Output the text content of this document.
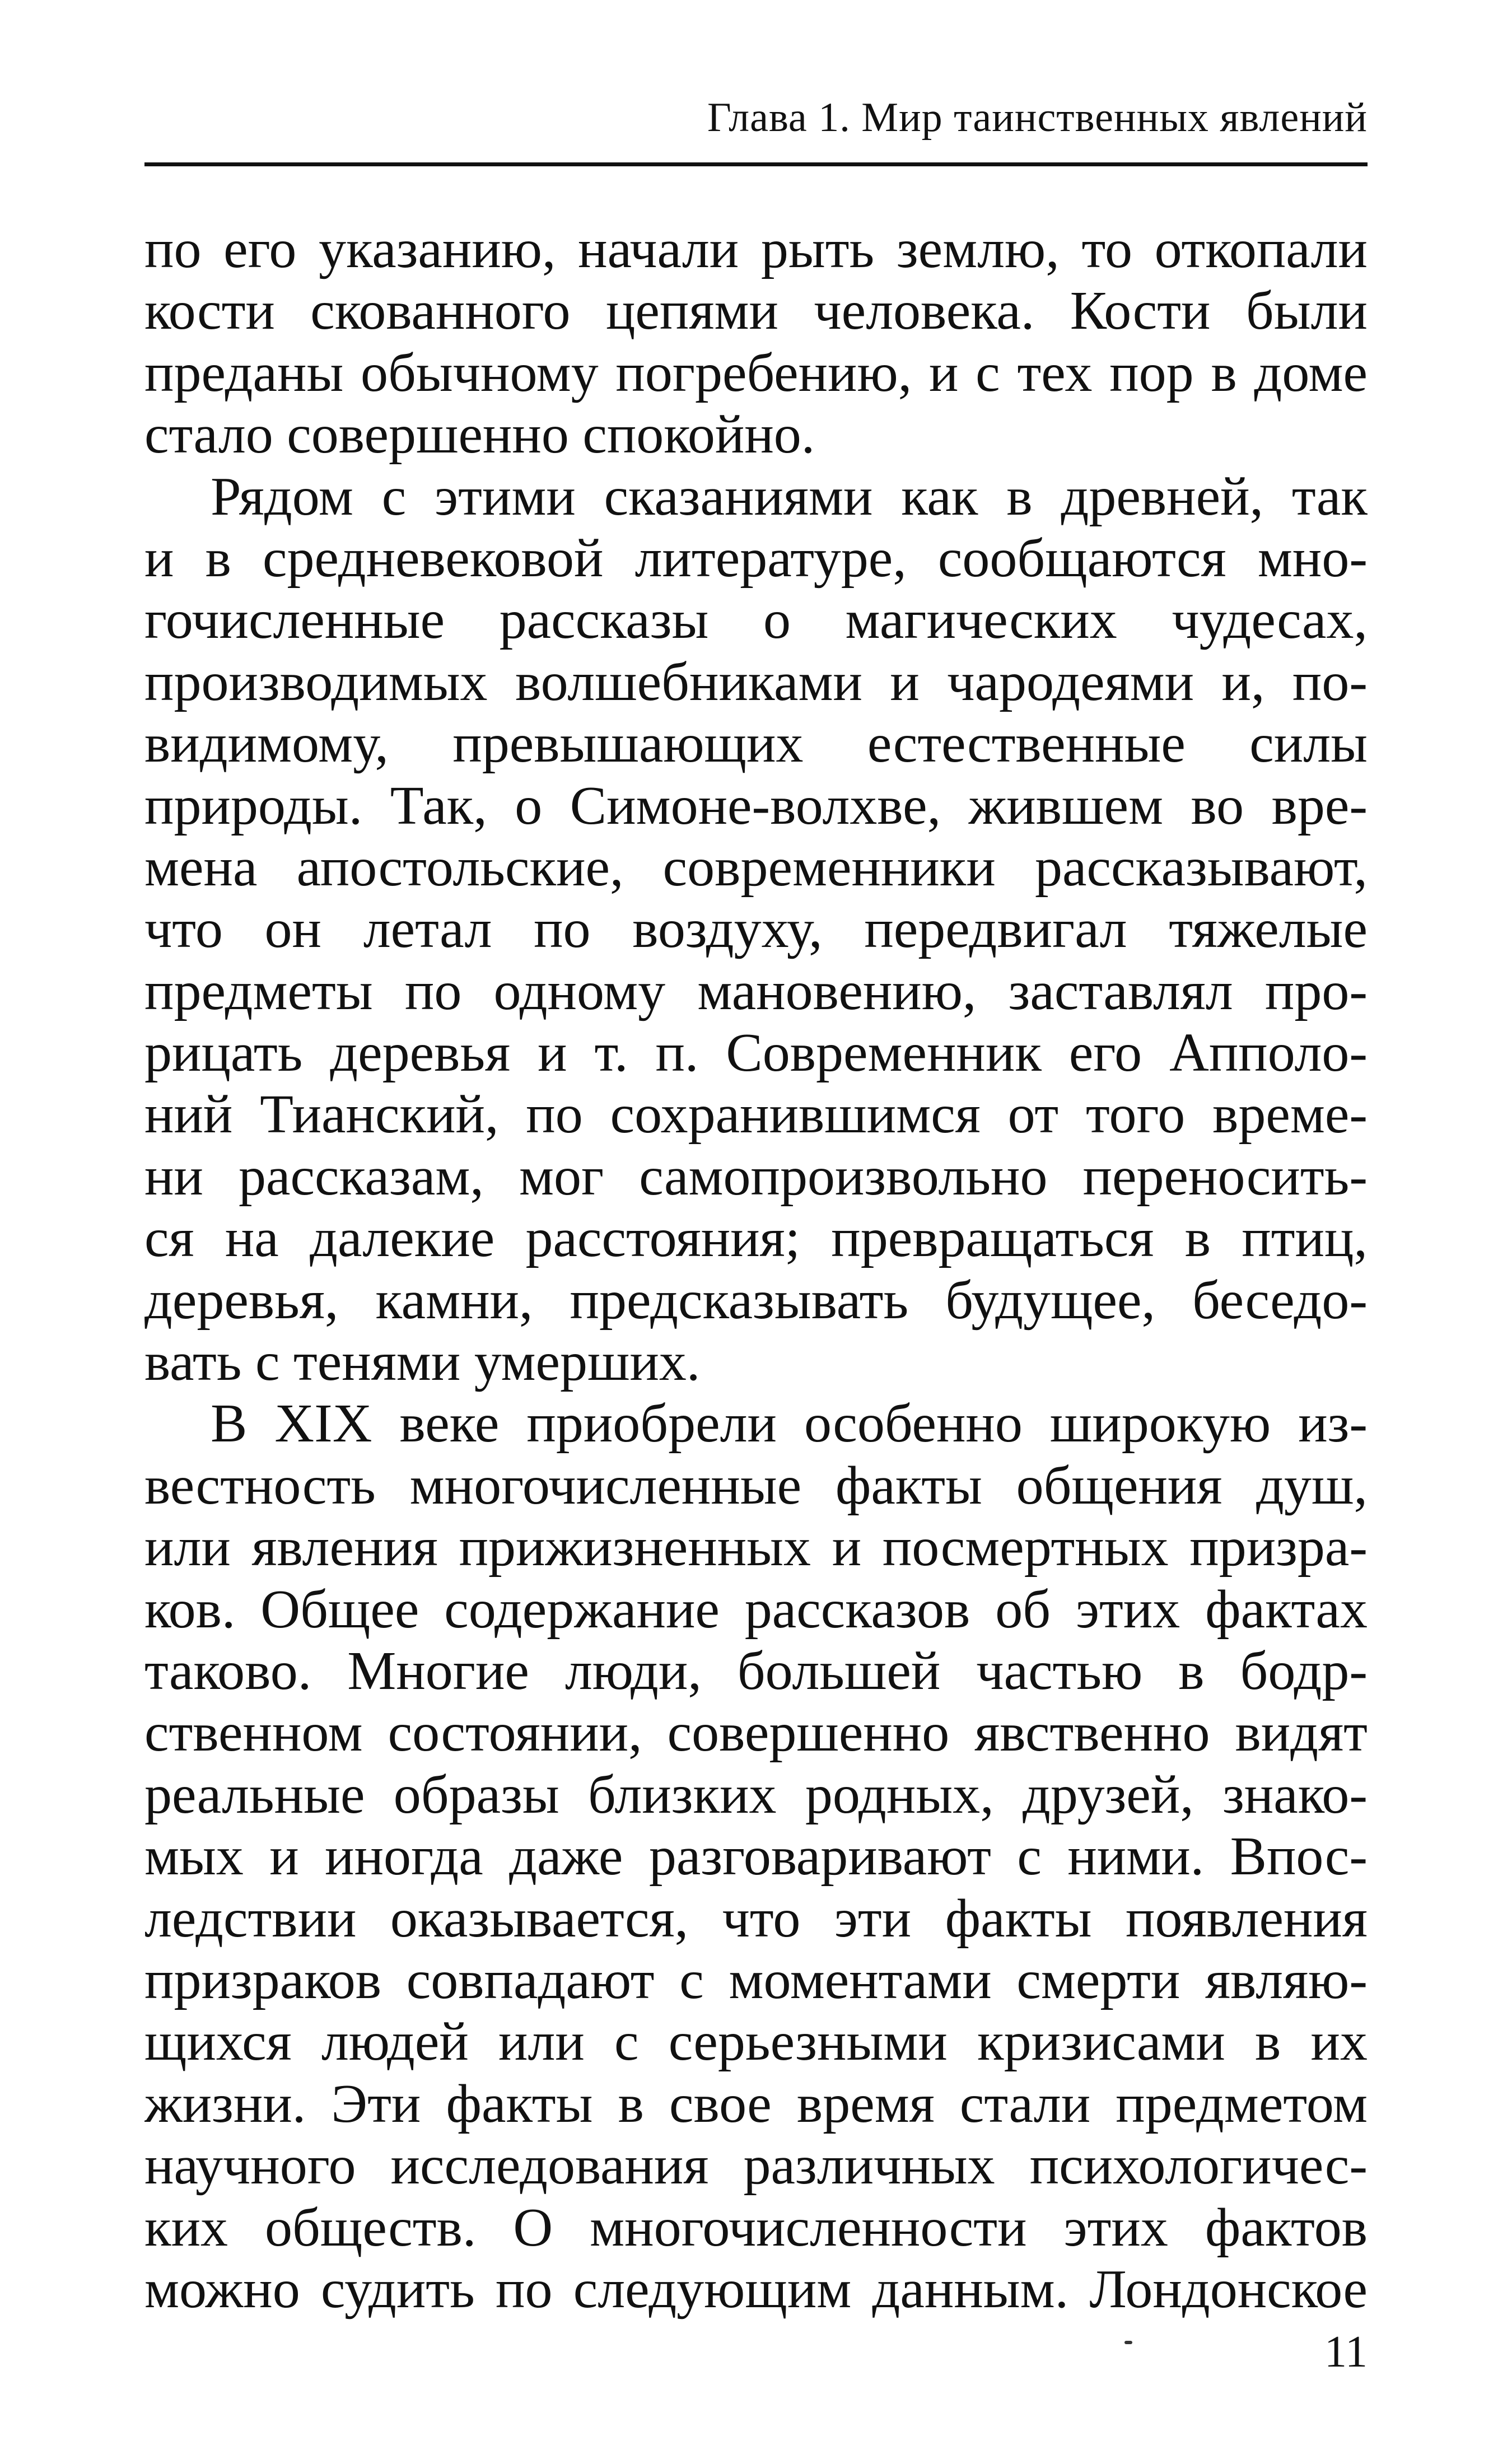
Глава 1. Мир таинственных явлений
по его указанию, начали рыть землю, то откопали
кости скованного цепями человека. Кости были
преданы обычному погребению, и с тех пор в доме
стало совершенно спокойно.
Рядом с этими сказаниями как в древней, так
и в средневековой литературе, сообщаются мно-
гочисленные рассказы о магических чудесах,
производимых волшебниками и чародеями и, по-
видимому, превышающих естественные силы
природы. Так, о Симоне-волхве, жившем во вре-
мена апостольские, современники рассказывают,
что он летал по воздуху, передвигал тяжелые
предметы по одному мановению, заставлял про-
рицать деревья и т. п. Современник его Апполо-
ний Тианский, по сохранившимся от того време-
ни рассказам, мог самопроизвольно переносить-
ся на далекие расстояния; превращаться в птиц,
деревья, камни, предсказывать будущее, беседо-
вать с тенями умерших.
В XIX веке приобрели особенно широкую из-
вестность многочисленные факты общения душ,
или явления прижизненных и посмертных призра-
ков. Общее содержание рассказов об этих фактах
таково. Многие люди, большей частью в бодр-
ственном состоянии, совершенно явственно видят
реальные образы близких родных, друзей, знако-
мых и иногда даже разговаривают с ними. Впос-
ледствии оказывается, что эти факты появления
призраков совпадают с моментами смерти являю-
щихся людей или с серьезными кризисами в их
жизни. Эти факты в свое время стали предметом
научного исследования различных психологичес-
ких обществ. О многочисленности этих фактов
можно судить по следующим данным. Лондонское
11
